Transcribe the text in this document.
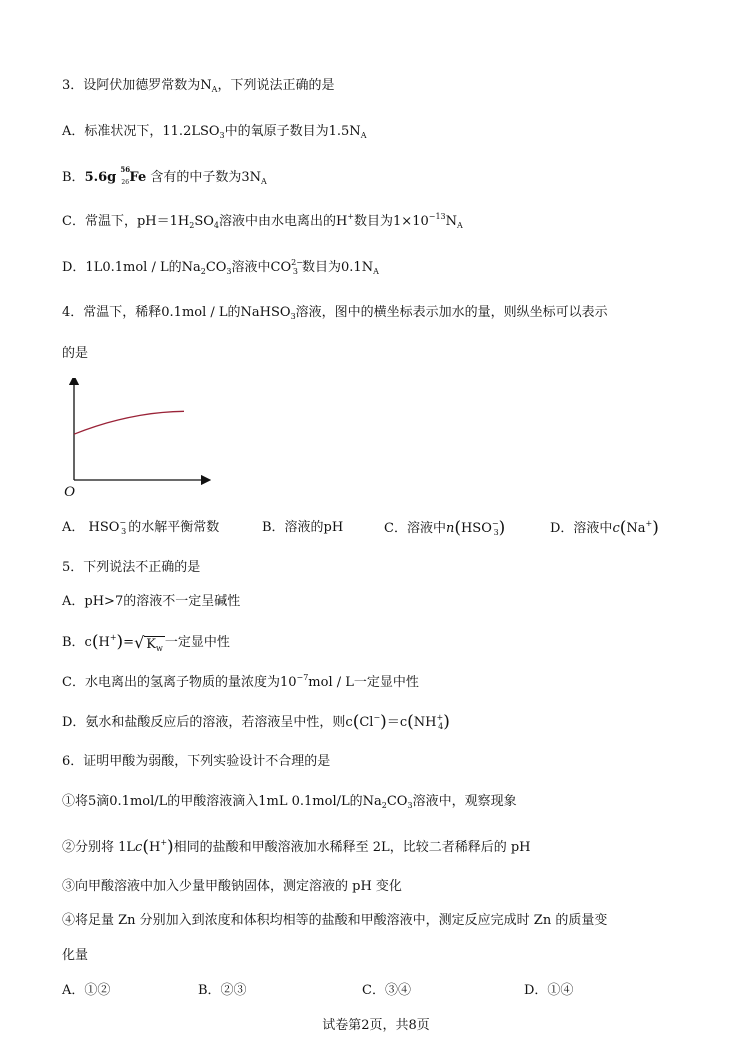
3．设阿伏加德罗常数为$N_A$，下列说法正确的是
A．标准状况下，$11.2LSO_3$中的氧原子数目为$1.5N_A$
B．5.6g
56
26 Fe 含有的中子数为$3N_A$
C．常温下，$pH=1H_2SO_4$溶液中由水电离出的H+数目为$1\times 10^{-13}N_A$
D．1L0.1mol / L的$Na_2CO_3$溶液中$CO^{2-}_3$ 数目为$0.1N_A$
4．常温下，稀释0.1mol / L的NaHSO$_3$溶液，图中的横坐标表示加水的量，则纵坐标可以表示
的是
O
A． $HSO^-_3$ 的水解平衡常数	B．溶液的pH	C．溶液中$n(HSO^-_3)$	D．溶液中c(Na+)
5．下列说法不正确的是
A．pH>7的溶液不一定呈碱性
B．c(H+)=√ $K_w$ 一定显中性
C．水电离出的氢离子物质的量浓度为$10^{-7}mol$ / L一定显中性
D．氨水和盐酸反应后的溶液，若溶液呈中性，则$c(Cl^-)=c(NH^+_4)$
6．证明甲酸为弱酸，下列实验设计不合理的是
①将5滴0.1mol/L的甲酸溶液滴入1mL 0.1mol/L的$Na_2CO_3$溶液中，观察现象
②分别将 1Lc(H+)相同的盐酸和甲酸溶液加水稀释至 2L，比较二者稀释后的 pH
③向甲酸溶液中加入少量甲酸钠固体，测定溶液的 pH 变化
④将足量 Zn 分别加入到浓度和体积均相等的盐酸和甲酸溶液中，测定反应完成时 Zn 的质量变
化量
A．①②	B．②③	C．③④	D．①④
试卷第2页，共8页
